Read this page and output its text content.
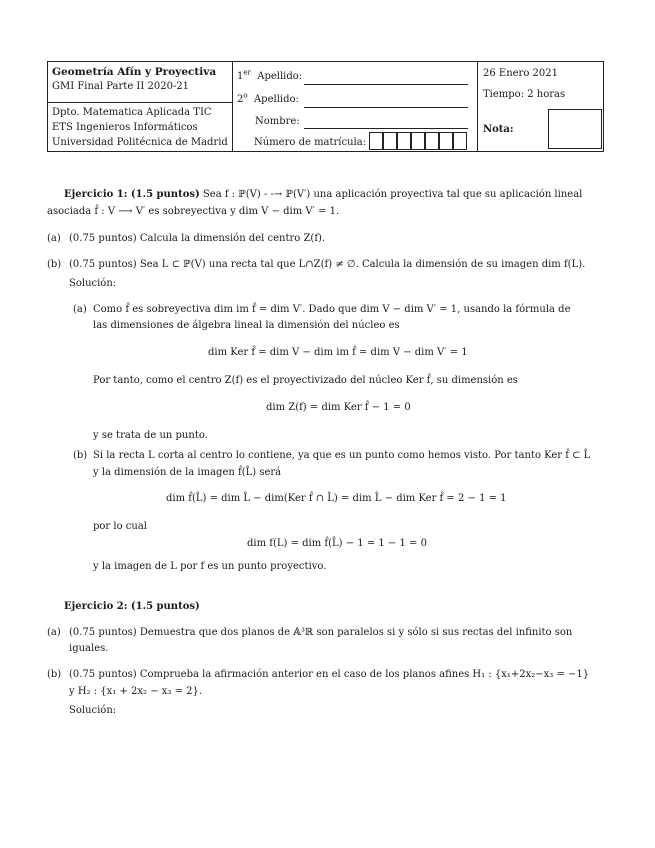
Geometría Afín y Proyectiva
GMI Final Parte II 2020-21
Dpto. Matematica Aplicada TIC
ETS Ingenieros Informáticos
Universidad Politécnica de Madrid
1er Apellido:
2$^o$ Apellido:
Nombre:
Número de matrícula:
26 Enero 2021
Tiempo: 2 horas
Nota:
Ejercicio 1: (1.5 puntos) Sea f : ℙ(V) - -→ ℙ(V′) una aplicación proyectiva tal que su aplicación lineal
asociada f̂ : V ⟶ V′ es sobreyectiva y dim V − dim V′ = 1.
(a) (0.75 puntos) Calcula la dimensión del centro Z(f).
(b) (0.75 puntos) Sea L ⊂ ℙ(V) una recta tal que L∩Z(f) ≠ ∅. Calcula la dimensión de su imagen dim f(L).
Solución:
(a) Como f̂ es sobreyectiva dim im f̂ = dim V′. Dado que dim V − dim V′ = 1, usando la fórmula de
las dimensiones de álgebra lineal la dimensión del núcleo es
dim Ker f̂ = dim V − dim im f̂ = dim V − dim V′ = 1
Por tanto, como el centro Z(f) es el proyectivizado del núcleo Ker f̂, su dimensión es
dim Z(f) = dim Ker f̂ − 1 = 0
y se trata de un punto.
(b) Si la recta L corta al centro lo contiene, ya que es un punto como hemos visto. Por tanto Ker f̂ ⊂ L̂
y la dimensión de la imagen f̂(L̂) será
dim f̂(L̂) = dim L̂ − dim(Ker f̂ ∩ L̂) = dim L̂ − dim Ker f̂ = 2 − 1 = 1
por lo cual
dim f(L) = dim f̂(L̂) − 1 = 1 − 1 = 0
y la imagen de L por f es un punto proyectivo.
Ejercicio 2: (1.5 puntos)
(a) (0.75 puntos) Demuestra que dos planos de 𝔸³ℝ son paralelos si y sólo si sus rectas del infinito son
iguales.
(b) (0.75 puntos) Comprueba la afirmación anterior en el caso de los planos afines H₁ : {x₁+2x₂−x₃ = −1}
y H₂ : {x₁ + 2x₂ − x₃ = 2}.
Solución:
